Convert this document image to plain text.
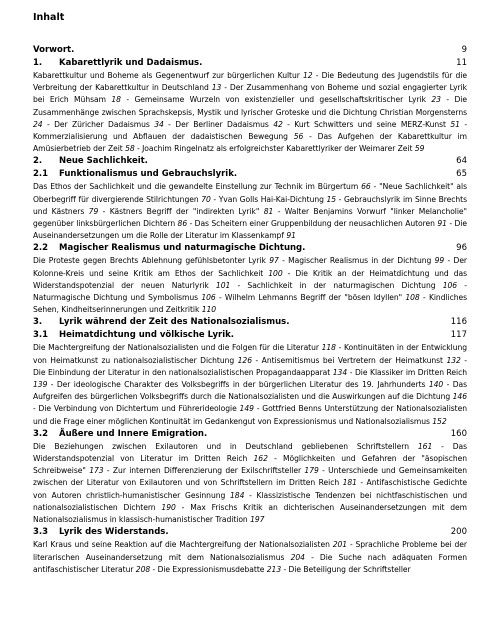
Inhalt
Vorwort.	9
1. Kabarettlyrik und Dadaismus.	11

Kabarettkultur und Boheme als Gegenentwurf zur bürgerlichen Kultur 12 - Die Bedeutung des Jugendstils für die Verbreitung der Kabarettkultur in Deutschland 13 - Der Zusammenhang von Boheme und sozial engagierter Lyrik bei Erich Mühsam 18 - Gemeinsame Wurzeln von existenzieller und gesellschaftskritischer Lyrik 23 - Die Zusammenhänge zwischen Sprachskepsis, Mystik und lyrischer Groteske und die Dichtung Christian Morgensterns 24 - Der Züricher Dadaismus 34 - Der Berliner Dadaismus 42 - Kurt Schwitters und seine MERZ-Kunst 51 - Kommerzialisierung und Abflauen der dadaistischen Bewegung 56 - Das Aufgehen der Kabarettkultur im Amüsierbetrieb der Zeit 58 - Joachim Ringelnatz als erfolgreichster Kabarettlyriker der Weimarer Zeit 59

2. Neue Sachlichkeit.	64
2.1 Funktionalismus und Gebrauchslyrik.	65

Das Ethos der Sachlichkeit und die gewandelte Einstellung zur Technik im Bürgertum 66 - "Neue Sachlichkeit" als Oberbegriff für divergierende Stilrichtungen 70 - Yvan Golls Hai-Kai-Dichtung 15 - Gebrauchslyrik im Sinne Brechts und Kästners 79 - Kästners Begriff der "indirekten Lyrik" 81 - Walter Benjamins Vorwurf "linker Melancholie" gegenüber linksbürgerlichen Dichtern 86 - Das Scheitern einer Gruppenbildung der neusachlichen Autoren 91 - Die Auseinandersetzungen um die Rolle der Literatur im Klassenkampf 91

2.2 Magischer Realismus und naturmagische Dichtung.	96

Die Proteste gegen Brechts Ablehnung gefühlsbetonter Lyrik 97 - Magischer Realismus in der Dichtung 99 - Der Kolonne-Kreis und seine Kritik am Ethos der Sachlichkeit 100 - Die Kritik an der Heimatdichtung und das Widerstandspotenzial der neuen Naturlyrik 101 - Sachlichkeit in der naturmagischen Dichtung 106 - Naturmagische Dichtung und Symbolismus 106 - Wilhelm Lehmanns Begriff der "bösen Idyllen" 108 - Kindliches Sehen, Kindheitserinnerungen und Zeitkritik 110

3. Lyrik während der Zeit des Nationalsozialismus.	116
3.1 Heimatdichtung und völkische Lyrik.	117

Die Machtergreifung der Nationalsozialisten und die Folgen für die Literatur 118 - Kontinuitäten in der Entwicklung von Heimatkunst zu nationalsozialistischer Dichtung 126 - Antisemitismus bei Vertretern der Heimatkunst 132 - Die Einbindung der Literatur in den nationalsozialistischen Propagandaapparat 134 - Die Klassiker im Dritten Reich 139 - Der ideologische Charakter des Volksbegriffs in der bürgerlichen Literatur des 19. Jahrhunderts 140 - Das Aufgreifen des bürgerlichen Volksbegriffs durch die Nationalsozialisten und die Auswirkungen auf die Dichtung 146 - Die Verbindung von Dichtertum und Führerideologie 149 - Gottfried Benns Unterstützung der Nationalsozialisten und die Frage einer möglichen Kontinuität im Gedankengut von Expressionismus und Nationalsozialismus 152

3.2 Äußere und Innere Emigration.	160

Die Beziehungen zwischen Exilautoren und in Deutschland gebliebenen Schriftstellern 161 - Das Widerstandspotenzial von Literatur im Dritten Reich 162 - Möglichkeiten und Gefahren der "äsopischen Schreibweise" 173 - Zur internen Differenzierung der Exilschriftsteller 179 - Unterschiede und Gemeinsamkeiten zwischen der Literatur von Exilautoren und von Schriftstellern im Dritten Reich 181 - Antifaschistische Gedichte von Autoren christlich-humanistischer Gesinnung 184 - Klassizistische Tendenzen bei nichtfaschistischen und nationalsozialistischen Dichtern 190 - Max Frischs Kritik an dichterischen Auseinandersetzungen mit dem Nationalsozialismus in klassisch-humanistischer Tradition 197

3.3 Lyrik des Widerstands.	200

Karl Kraus und seine Reaktion auf die Machtergreifung der Nationalsozialisten 201 - Sprachliche Probleme bei der literarischen Auseinandersetzung mit dem Nationalsozialismus 204 - Die Suche nach adäquaten Formen antifaschistischer Literatur 208 - Die Expressionismusdebatte 213 - Die Beteiligung der Schriftsteller
